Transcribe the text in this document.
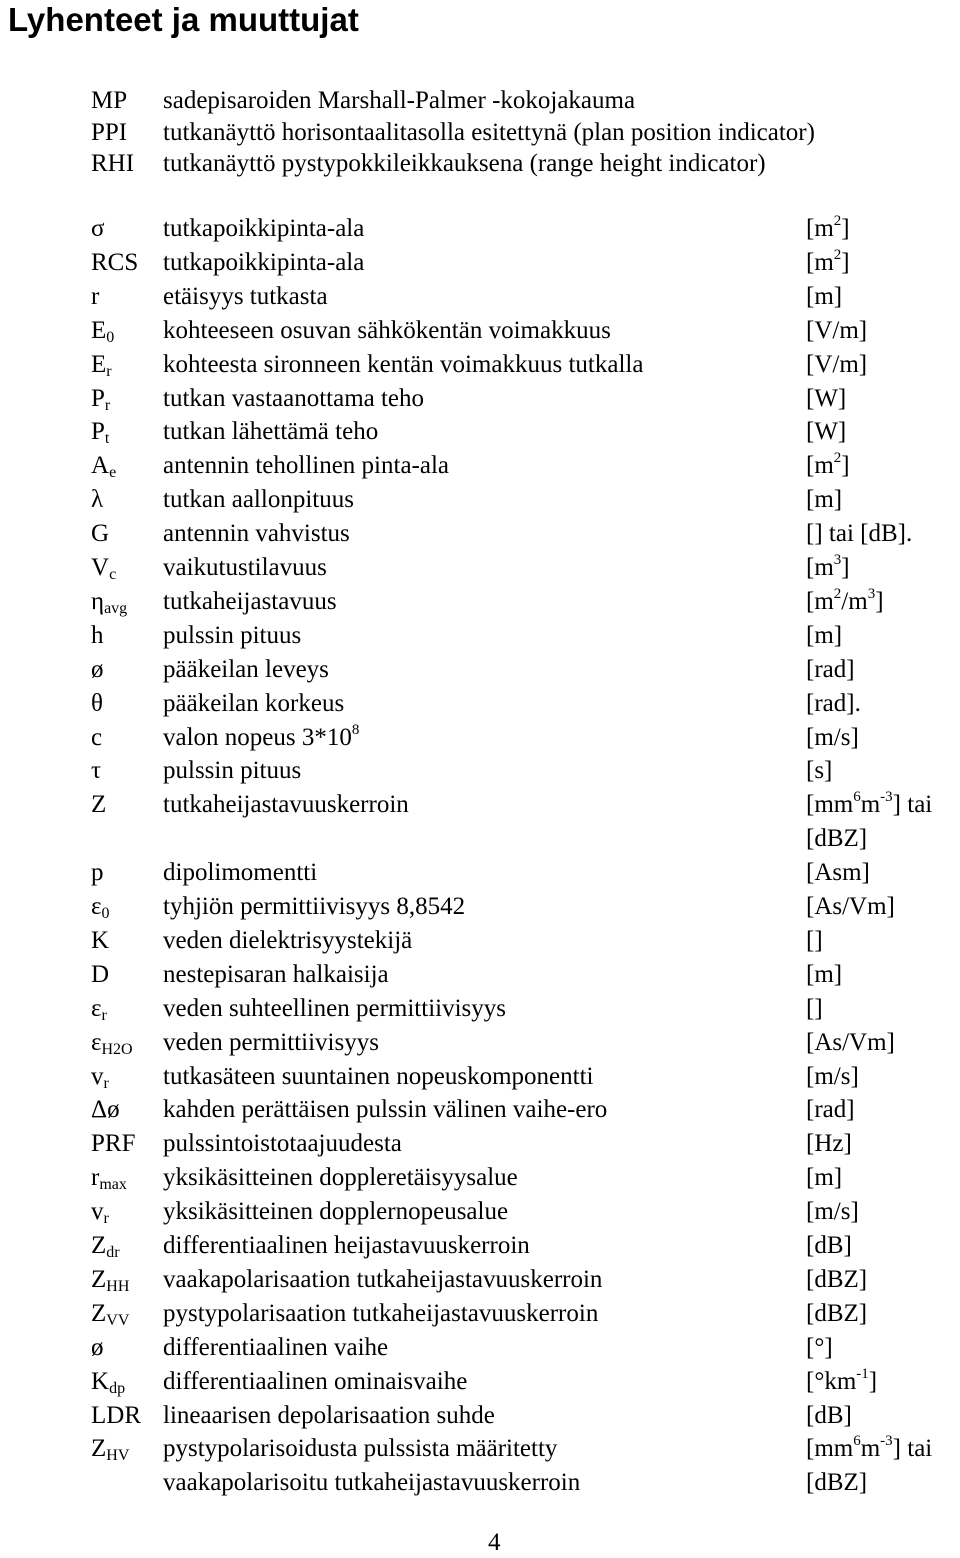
Lyhenteet ja muuttujat
MP sadepisaroiden Marshall-Palmer -kokojakauma
PPI tutkanäyttö horisontaalitasolla esitettynä (plan position indicator)
RHI tutkanäyttö pystypokkileikkauksena (range height indicator)
σ tutkapoikkipinta-ala	$[m^2]$
RCS tutkapoikkipinta-ala	$[m^2]$
r	etäisyys tutkasta	[m]
E0 kohteeseen osuvan sähkökentän voimakkuus	[V/m]
Er kohteesta sironneen kentän voimakkuus tutkalla	[V/m]
Pr tutkan vastaanottama teho	[W]
Pt tutkan lähettämä teho	[W]
Ae antennin tehollinen pinta-ala	$[m^2]$
λ tutkan aallonpituus	[m]
G antennin vahvistus	[] tai [dB].
Vc vaikutustilavuus	$[m^3]$
ηavg tutkaheijastavuus	$[m^2/m^3]$
h pulssin pituus	[m]
ø pääkeilan leveys	[rad]
θ pääkeilan korkeus	[rad].
c valon nopeus $3*10^8$	[m/s]
τ pulssin pituus	[s]
Z tutkaheijastavuuskerroin	$[mm^6m^{-3}]$ tai
[dBZ]
p dipolimomentti	[Asm]
ε0 tyhjiön permittiivisyys 8,8542	[As/Vm]
K veden dielektrisyystekijä	[]
D nestepisaran halkaisija	[m]
εr veden suhteellinen permittiivisyys	[]
εH2O veden permittiivisyys	[As/Vm]
vr tutkasäteen suuntainen nopeuskomponentti	[m/s]
Δø kahden perättäisen pulssin välinen vaihe-ero	[rad]
PRF pulssintoistotaajuudesta	[Hz]
rmax yksikäsitteinen doppleretäisyysalue	[m]
vr yksikäsitteinen dopplernopeusalue	[m/s]
Zdr differentiaalinen heijastavuuskerroin	[dB]
ZHH vaakapolarisaation tutkaheijastavuuskerroin	[dBZ]
ZVV pystypolarisaation tutkaheijastavuuskerroin	[dBZ]
ø differentiaalinen vaihe	[°]
Kdp differentiaalinen ominaisvaihe	$[^\circ km^{-1}]$
LDR lineaarisen depolarisaation suhde	[dB]
ZHV pystypolarisoidusta pulssista määritetty	$[mm^6m^{-3}]$ tai
vaakapolarisoitu tutkaheijastavuuskerroin	[dBZ]
4
